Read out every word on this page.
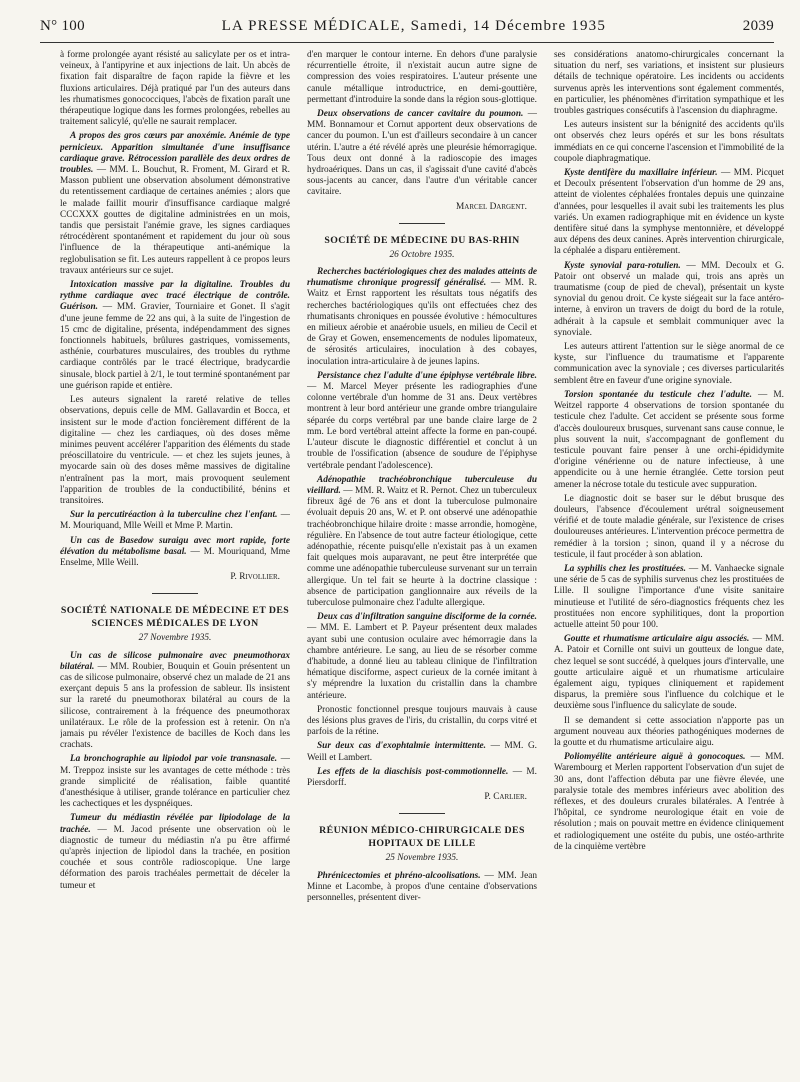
N° 100	LA PRESSE MÉDICALE, Samedi, 14 Décembre 1935	2039

à forme prolongée ayant résisté au salicylate per os et intra-veineux, à l'antipyrine et aux injections de lait. Un abcès de fixation fait disparaître de façon rapide la fièvre et les fluxions articulaires. Déjà pratiqué par l'un des auteurs dans les rhumatismes gonococciques, l'abcès de fixation paraît une thérapeutique logique dans les formes prolongées, rebelles au traitement salicylé, qu'elle ne saurait remplacer.

A propos des gros cœurs par anoxémie. Anémie de type pernicieux. Apparition simultanée d'une insuffisance cardiaque grave. Rétrocession parallèle des deux ordres de troubles. — MM. L. Bouchut, R. Froment, M. Girard et R. Masson publient une observation absolument démonstrative du retentissement cardiaque de certaines anémies ; alors que le malade faillit mourir d'insuffisance cardiaque malgré CCCXXX gouttes de digitaline administrées en un mois, tandis que persistait l'anémie grave, les signes cardiaques rétrocédèrent spontanément et rapidement du jour où sous l'influence de la thérapeutique anti-anémique la reglobulisation se fit. Les auteurs rappellent à ce propos leurs travaux antérieurs sur ce sujet.

Intoxication massive par la digitaline. Troubles du rythme cardiaque avec tracé électrique de contrôle. Guérison. — MM. Gravier, Tourniaire et Gonet. Il s'agit d'une jeune femme de 22 ans qui, à la suite de l'ingestion de 15 cmc de digitaline, présenta, indépendamment des signes fonctionnels habituels, brûlures gastriques, vomissements, asthénie, courbatures musculaires, des troubles du rythme cardiaque contrôlés par le tracé électrique, bradycardie sinusale, block partiel à 2/1, le tout terminé spontanément par une guérison rapide et entière.

Les auteurs signalent la rareté relative de telles observations, depuis celle de MM. Gallavardin et Bocca, et insistent sur le mode d'action foncièrement différent de la digitaline — chez les cardiaques, où des doses même minimes peuvent accélérer l'apparition des éléments du stade préoscillatoire du ventricule. — et chez les sujets jeunes, à myocarde sain où des doses même massives de digitaline n'entraînent pas la mort, mais provoquent seulement l'apparition de troubles de la conductibilité, bénins et transitoires.

Sur la percutiréaction à la tuberculine chez l'enfant. — M. Mouriquand, Mlle Weill et Mme P. Martin.

Un cas de Basedow suraigu avec mort rapide, forte élévation du métabolisme basal. — M. Mouriquand, Mme Enselme, Mlle Weill.

P. Rivollier.
SOCIÉTÉ NATIONALE DE MÉDECINE ET DES SCIENCES MÉDICALES DE LYON
27 Novembre 1935.

Un cas de silicose pulmonaire avec pneumothorax bilatéral. — MM. Roubier, Bouquin et Gouin présentent un cas de silicose pulmonaire, observé chez un malade de 21 ans exerçant depuis 5 ans la profession de sableur. Ils insistent sur la rareté du pneumothorax bilatéral au cours de la silicose, contrairement à la fréquence des pneumothorax unilatéraux. Le rôle de la profession est à retenir. On n'a jamais pu révéler l'existence de bacilles de Koch dans les crachats.

La bronchographie au lipiodol par voie transnasale. — M. Treppoz insiste sur les avantages de cette méthode : très grande simplicité de réalisation, faible quantité d'anesthésique à utiliser, grande tolérance en particulier chez les cachectiques et les dyspnéiques.

Tumeur du médiastin révélée par lipiodolage de la trachée. — M. Jacod présente une observation où le diagnostic de tumeur du médiastin n'a pu être affirmé qu'après injection de lipiodol dans la trachée, en position couchée et sous contrôle radioscopique. Une large déformation des parois trachéales permettait de déceler la tumeur et

d'en marquer le contour interne. En dehors d'une paralysie récurrentielle étroite, il n'existait aucun autre signe de compression des voies respiratoires. L'auteur présente une canule métallique introductrice, en demi-gouttière, permettant d'introduire la sonde dans la région sous-glottique.

Deux observations de cancer cavitaire du poumon. — MM. Bonnamour et Cornut apportent deux observations de cancer du poumon. L'un est d'ailleurs secondaire à un cancer utérin. L'autre a été révélé après une pleurésie hémorragique. Tous deux ont donné à la radioscopie des images hydroaériques. Dans un cas, il s'agissait d'une cavité d'abcès sous-jacents au cancer, dans l'autre d'un véritable cancer cavitaire.

Marcel Dargent.
SOCIÉTÉ DE MÉDECINE DU BAS-RHIN
26 Octobre 1935.

Recherches bactériologiques chez des malades atteints de rhumatisme chronique progressif généralisé. — MM. R. Waitz et Ernst rapportent les résultats tous négatifs des recherches bactériologiques qu'ils ont effectuées chez des rhumatisants chroniques en poussée évolutive : hémocultures en milieux aérobie et anaérobie usuels, en milieu de Cecil et de Gray et Gowen, ensemencements de nodules lipomateux, de sérosités articulaires, inoculation à des cobayes, inoculation intra-articulaire à de jeunes lapins.

Persistance chez l'adulte d'une épiphyse vertébrale libre. — M. Marcel Meyer présente les radiographies d'une colonne vertébrale d'un homme de 31 ans. Deux vertèbres montrent à leur bord antérieur une grande ombre triangulaire séparée du corps vertébral par une bande claire large de 2 mm. Le bord vertébral atteint affecte la forme en pan-coupé. L'auteur discute le diagnostic différentiel et conclut à un trouble de l'ossification (absence de soudure de l'épiphyse vertébrale pendant l'adolescence).

Adénopathie trachéobronchique tuberculeuse du vieillard. — MM. R. Waitz et R. Pernot. Chez un tuberculeux fibreux âgé de 76 ans et dont la tuberculose pulmonaire évoluait depuis 20 ans, W. et P. ont observé une adénopathie trachéobronchique hilaire droite : masse arrondie, homogène, régulière. En l'absence de tout autre facteur étiologique, cette adénopathie, récente puisqu'elle n'existait pas à un examen fait quelques mois auparavant, ne peut être interprétée que comme une adénopathie tuberculeuse survenant sur un terrain allergique. Un tel fait se heurte à la doctrine classique : absence de participation ganglionnaire aux réveils de la tuberculose pulmonaire chez l'adulte allergique.

Deux cas d'infiltration sanguine disciforme de la cornée. — MM. E. Lambert et P. Payeur présentent deux malades ayant subi une contusion oculaire avec hémorragie dans la chambre antérieure. Le sang, au lieu de se résorber comme d'habitude, a donné lieu au tableau clinique de l'infiltration hématique disciforme, aspect curieux de la cornée imitant à s'y méprendre la luxation du cristallin dans la chambre antérieure.

Pronostic fonctionnel presque toujours mauvais à cause des lésions plus graves de l'iris, du cristallin, du corps vitré et parfois de la rétine.

Sur deux cas d'exophtalmie intermittente. — MM. G. Weill et Lambert.

Les effets de la diaschisis post-commotionnelle. — M. Piersdorff.

P. Carlier.
RÉUNION MÉDICO-CHIRURGICALE DES HOPITAUX DE LILLE
25 Novembre 1935.

Phrénicectomies et phréno-alcoolisations. — MM. Jean Minne et Lacombe, à propos d'une centaine d'observations personnelles, présentent diver-

ses considérations anatomo-chirurgicales concernant la situation du nerf, ses variations, et insistent sur plusieurs détails de technique opératoire. Les incidents ou accidents survenus après les interventions sont également commentés, en particulier, les phénomènes d'irritation sympathique et les troubles gastriques consécutifs à l'ascension du diaphragme.

Les auteurs insistent sur la bénignité des accidents qu'ils ont observés chez leurs opérés et sur les bons résultats immédiats en ce qui concerne l'ascension et l'immobilité de la coupole diaphragmatique.

Kyste dentifère du maxillaire inférieur. — MM. Picquet et Decoulx présentent l'observation d'un homme de 29 ans, atteint de violentes céphalées frontales depuis une quinzaine d'années, pour lesquelles il avait subi les traitements les plus variés. Un examen radiographique mit en évidence un kyste dentifère situé dans la symphyse mentonnière, et développé aux dépens des deux canines. Après intervention chirurgicale, la céphalée a disparu entièrement.

Kyste synovial para-rotulien. — MM. Decoulx et G. Patoir ont observé un malade qui, trois ans après un traumatisme (coup de pied de cheval), présentait un kyste synovial du genou droit. Ce kyste siégeait sur la face antéro-interne, à environ un travers de doigt du bord de la rotule, adhérait à la capsule et semblait communiquer avec la synoviale.

Les auteurs attirent l'attention sur le siège anormal de ce kyste, sur l'influence du traumatisme et l'apparente communication avec la synoviale ; ces diverses particularités semblent être en faveur d'une origine synoviale.

Torsion spontanée du testicule chez l'adulte. — M. Weitzel rapporte 4 observations de torsion spontanée du testicule chez l'adulte. Cet accident se présente sous forme d'accès douloureux brusques, survenant sans cause connue, le plus souvent la nuit, s'accompagnant de gonflement du testicule pouvant faire penser à une orchi-épididymite d'origine vénérienne ou de nature infectieuse, à une appendicite ou à une hernie étranglée. Cette torsion peut amener la nécrose totale du testicule avec suppuration.

Le diagnostic doit se baser sur le début brusque des douleurs, l'absence d'écoulement urétral soigneusement vérifié et de toute maladie générale, sur l'existence de crises douloureuses antérieures. L'intervention précoce permettra de remédier à la torsion ; sinon, quand il y a nécrose du testicule, il faut procéder à son ablation.

La syphilis chez les prostituées. — M. Vanhaecke signale une série de 5 cas de syphilis survenus chez les prostituées de Lille. Il souligne l'importance d'une visite sanitaire minutieuse et l'utilité de séro-diagnostics fréquents chez les prostituées non encore syphilitiques, dont la proportion actuelle atteint 50 pour 100.

Goutte et rhumatisme articulaire aigu associés. — MM. A. Patoir et Cornille ont suivi un goutteux de longue date, chez lequel se sont succédé, à quelques jours d'intervalle, une goutte articulaire aiguë et un rhumatisme articulaire également aigu, typiques cliniquement et rapidement disparus, la première sous l'influence du colchique et le deuxième sous l'influence du salicylate de soude.

Il se demandent si cette association n'apporte pas un argument nouveau aux théories pathogéniques modernes de la goutte et du rhumatisme articulaire aigu.

Poliomyélite antérieure aiguë à gonocoques. — MM. Warembourg et Merlen rapportent l'observation d'un sujet de 30 ans, dont l'affection débuta par une fièvre élevée, une paralysie totale des membres inférieurs avec abolition des réflexes, et des douleurs crurales bilatérales. A l'entrée à l'hôpital, ce syndrome neurologique était en voie de résolution ; mais on pouvait mettre en évidence cliniquement et radiologiquement une ostéite du pubis, une ostéo-arthrite de la cinquième vertèbre
